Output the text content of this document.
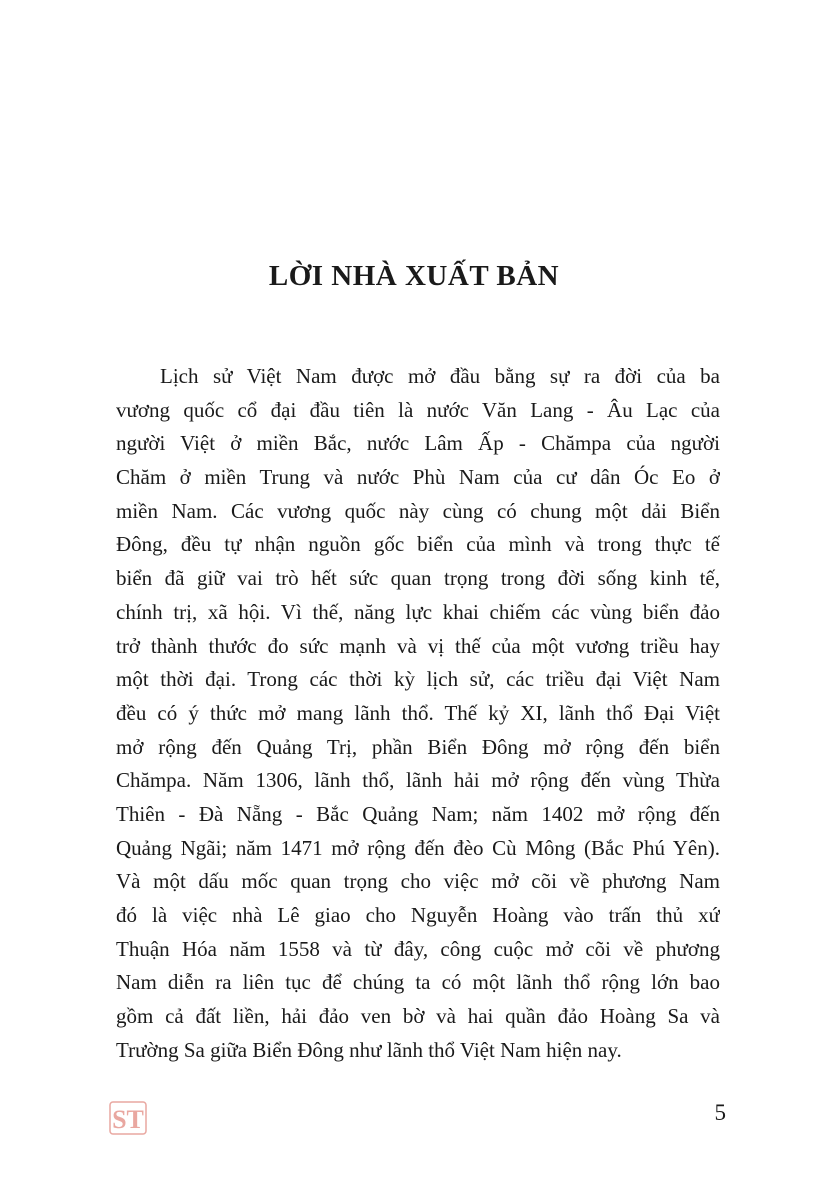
LỜI NHÀ XUẤT BẢN

Lịch sử Việt Nam được mở đầu bằng sự ra đời của ba
vương quốc cổ đại đầu tiên là nước Văn Lang - Âu Lạc của
người Việt ở miền Bắc, nước Lâm Ấp - Chămpa của người
Chăm ở miền Trung và nước Phù Nam của cư dân Óc Eo ở
miền Nam. Các vương quốc này cùng có chung một dải Biển
Đông, đều tự nhận nguồn gốc biển của mình và trong thực tế
biển đã giữ vai trò hết sức quan trọng trong đời sống kinh tế,
chính trị, xã hội. Vì thế, năng lực khai chiếm các vùng biển đảo
trở thành thước đo sức mạnh và vị thế của một vương triều hay
một thời đại. Trong các thời kỳ lịch sử, các triều đại Việt Nam
đều có ý thức mở mang lãnh thổ. Thế kỷ XI, lãnh thổ Đại Việt
mở rộng đến Quảng Trị, phần Biển Đông mở rộng đến biển
Chămpa. Năm 1306, lãnh thổ, lãnh hải mở rộng đến vùng Thừa
Thiên - Đà Nẵng - Bắc Quảng Nam; năm 1402 mở rộng đến
Quảng Ngãi; năm 1471 mở rộng đến đèo Cù Mông (Bắc Phú Yên).
Và một dấu mốc quan trọng cho việc mở cõi về phương Nam
đó là việc nhà Lê giao cho Nguyễn Hoàng vào trấn thủ xứ
Thuận Hóa năm 1558 và từ đây, công cuộc mở cõi về phương
Nam diễn ra liên tục để chúng ta có một lãnh thổ rộng lớn bao
gồm cả đất liền, hải đảo ven bờ và hai quần đảo Hoàng Sa và
Trường Sa giữa Biển Đông như lãnh thổ Việt Nam hiện nay.

ST	5
